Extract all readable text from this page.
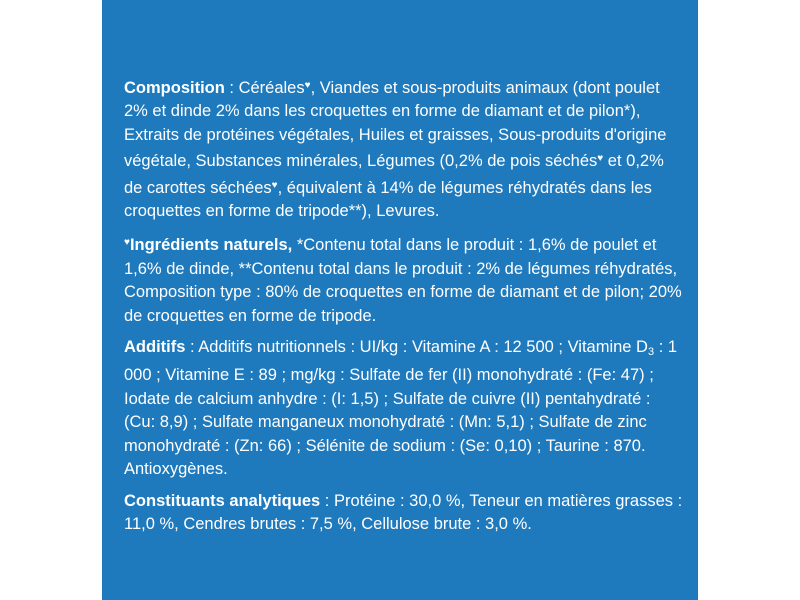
Composition : Céréales♥, Viandes et sous-produits animaux (dont poulet 2% et dinde 2% dans les croquettes en forme de diamant et de pilon*), Extraits de protéines végétales, Huiles et graisses, Sous-produits d'origine végétale, Substances minérales, Légumes (0,2% de pois séchés♥ et 0,2% de carottes séchées♥, équivalent à 14% de légumes réhydratés dans les croquettes en forme de tripode**), Levures.

♥Ingrédients naturels, *Contenu total dans le produit : 1,6% de poulet et 1,6% de dinde, **Contenu total dans le produit : 2% de légumes réhydratés, Composition type : 80% de croquettes en forme de diamant et de pilon; 20% de croquettes en forme de tripode.

Additifs : Additifs nutritionnels : UI/kg : Vitamine A : 12 500 ; Vitamine $D_3$ : 1 000 ; Vitamine E : 89 ; mg/kg : Sulfate de fer (II) monohydraté : (Fe: 47) ; Iodate de calcium anhydre : (I: 1,5) ; Sulfate de cuivre (II) pentahydraté : (Cu: 8,9) ; Sulfate manganeux monohydraté : (Mn: 5,1) ; Sulfate de zinc monohydraté : (Zn: 66) ; Sélénite de sodium : (Se: 0,10) ; Taurine : 870. Antioxygènes.

Constituants analytiques : Protéine : 30,0 %, Teneur en matières grasses : 11,0 %, Cendres brutes : 7,5 %, Cellulose brute : 3,0 %.
